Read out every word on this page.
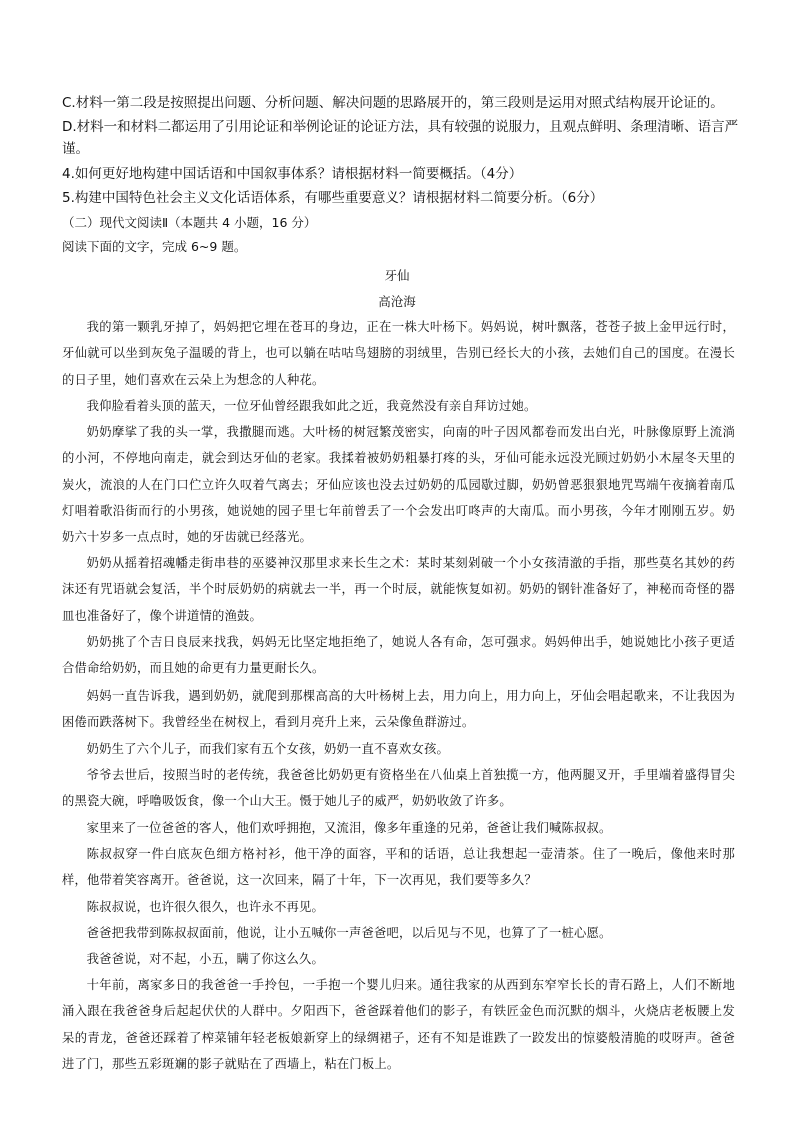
C.材料一第二段是按照提出问题、分析问题、解决问题的思路展开的，第三段则是运用对照式结构展开论证的。
D.材料一和材料二都运用了引用论证和举例论证的论证方法，具有较强的说服力，且观点鲜明、条理清晰、语言严谨。
4.如何更好地构建中国话语和中国叙事体系？请根据材料一简要概括。（4分）
5.构建中国特色社会主义文化话语体系，有哪些重要意义？请根据材料二简要分析。（6分）
（二）现代文阅读Ⅱ（本题共 4 小题，16 分）
阅读下面的文字，完成 6~9 题。
牙仙
高沧海
我的第一颗乳牙掉了，妈妈把它埋在苍耳的身边，正在一株大叶杨下。妈妈说，树叶飘落，苍苍子披上金甲远行时，牙仙就可以坐到灰兔子温暖的背上，也可以躺在咕咕鸟翅膀的羽绒里，告别已经长大的小孩，去她们自己的国度。在漫长的日子里，她们喜欢在云朵上为想念的人种花。
我仰脸看着头顶的蓝天，一位牙仙曾经跟我如此之近，我竟然没有亲自拜访过她。
奶奶摩挲了我的头一掌，我撒腿而逃。大叶杨的树冠繁茂密实，向南的叶子因风都卷而发出白光，叶脉像原野上流淌的小河，不停地向南走，就会到达牙仙的老家。我揉着被奶奶粗暴打疼的头，牙仙可能永远没光顾过奶奶小木屋冬天里的炭火，流浪的人在门口伫立许久叹着气离去；牙仙应该也没去过奶奶的瓜园歇过脚，奶奶曾恶狠狠地咒骂端午夜摘着南瓜灯唱着歌沿街而行的小男孩，她说她的园子里七年前曾丢了一个会发出叮咚声的大南瓜。而小男孩，今年才刚刚五岁。奶奶六十岁多一点点时，她的牙齿就已经落光。
奶奶从摇着招魂幡走街串巷的巫婆神汉那里求来长生之术：某时某刻剁破一个小女孩清澈的手指，那些莫名其妙的药沫还有咒语就会复活，半个时辰奶奶的病就去一半，再一个时辰，就能恢复如初。奶奶的钢针准备好了，神秘而奇怪的器皿也准备好了，像个讲道情的渔鼓。
奶奶挑了个吉日良辰来找我，妈妈无比坚定地拒绝了，她说人各有命，怎可强求。妈妈伸出手，她说她比小孩子更适合借命给奶奶，而且她的命更有力量更耐长久。
妈妈一直告诉我，遇到奶奶，就爬到那棵高高的大叶杨树上去，用力向上，用力向上，牙仙会唱起歌来，不让我因为困倦而跌落树下。我曾经坐在树杈上，看到月亮升上来，云朵像鱼群游过。
奶奶生了六个儿子，而我们家有五个女孩，奶奶一直不喜欢女孩。
爷爷去世后，按照当时的老传统，我爸爸比奶奶更有资格坐在八仙桌上首独揽一方，他两腿叉开，手里端着盛得冒尖的黑瓷大碗，呼噜吸饭食，像一个山大王。慑于她儿子的威严，奶奶收敛了许多。
家里来了一位爸爸的客人，他们欢呼拥抱，又流泪，像多年重逢的兄弟，爸爸让我们喊陈叔叔。
陈叔叔穿一件白底灰色细方格衬衫，他干净的面容，平和的话语，总让我想起一壶清茶。住了一晚后，像他来时那样，他带着笑容离开。爸爸说，这一次回来，隔了十年，下一次再见，我们要等多久？
陈叔叔说，也许很久很久，也许永不再见。
爸爸把我带到陈叔叔面前，他说，让小五喊你一声爸爸吧，以后见与不见，也算了了一桩心愿。
我爸爸说，对不起，小五，瞒了你这么久。
十年前，离家多日的我爸爸一手拎包，一手抱一个婴儿归来。通往我家的从西到东窄窄长长的青石路上，人们不断地涌入跟在我爸爸身后起起伏伏的人群中。夕阳西下，爸爸踩着他们的影子，有铁匠金色而沉默的烟斗，火烧店老板腰上发呆的青龙，爸爸还踩着了榨菜铺年轻老板娘新穿上的绿绸裙子，还有不知是谁跌了一跤发出的惊婆般清脆的哎呀声。爸爸进了门，那些五彩斑斓的影子就贴在了西墙上，粘在门板上。
